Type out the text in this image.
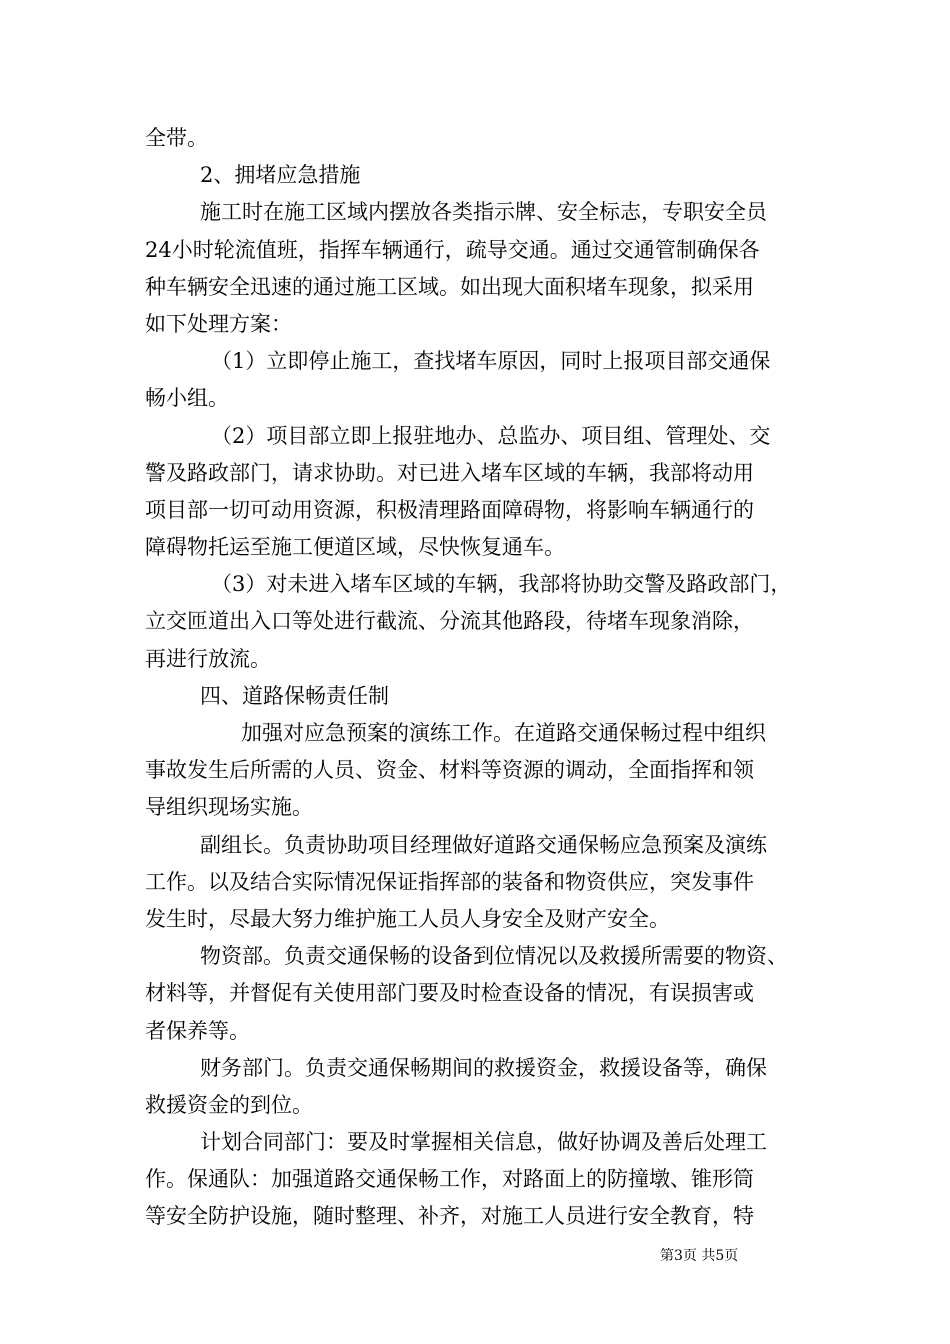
全带。
2、拥堵应急措施
施工时在施工区域内摆放各类指示牌、安全标志，专职安全员
24小时轮流值班，指挥车辆通行，疏导交通。通过交通管制确保各
种车辆安全迅速的通过施工区域。如出现大面积堵车现象，拟采用
如下处理方案：
（1）立即停止施工，查找堵车原因，同时上报项目部交通保
畅小组。
（2）项目部立即上报驻地办、总监办、项目组、管理处、交
警及路政部门，请求协助。对已进入堵车区域的车辆，我部将动用
项目部一切可动用资源，积极清理路面障碍物，将影响车辆通行的
障碍物托运至施工便道区域，尽快恢复通车。
（3）对未进入堵车区域的车辆，我部将协助交警及路政部门，
立交匝道出入口等处进行截流、分流其他路段，待堵车现象消除，
再进行放流。
四、道路保畅责任制
加强对应急预案的演练工作。在道路交通保畅过程中组织
事故发生后所需的人员、资金、材料等资源的调动，全面指挥和领
导组织现场实施。
副组长。负责协助项目经理做好道路交通保畅应急预案及演练
工作。以及结合实际情况保证指挥部的装备和物资供应，突发事件
发生时，尽最大努力维护施工人员人身安全及财产安全。
物资部。负责交通保畅的设备到位情况以及救援所需要的物资、
材料等，并督促有关使用部门要及时检查设备的情况，有误损害或
者保养等。
财务部门。负责交通保畅期间的救援资金，救援设备等，确保
救援资金的到位。
计划合同部门：要及时掌握相关信息，做好协调及善后处理工
作。保通队：加强道路交通保畅工作，对路面上的防撞墩、锥形筒
等安全防护设施，随时整理、补齐，对施工人员进行安全教育，特
第3页 共5页
